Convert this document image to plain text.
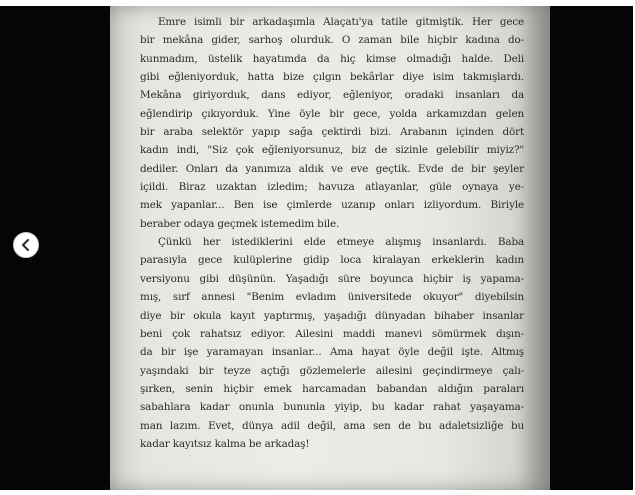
Emre isimli bir arkadaşımla Alaçatı'ya tatile gitmiştik. Her gece
bir mekâna gider, sarhoş olurduk. O zaman bile hiçbir kadına do-
kunmadım, üstelik hayatımda da hiç kimse olmadığı halde. Deli
gibi eğleniyorduk, hatta bize çılgın bekârlar diye isim takmışlardı.
Mekâna giriyorduk, dans ediyor, eğleniyor, oradaki insanları da
eğlendirip çıkıyorduk. Yine öyle bir gece, yolda arkamızdan gelen
bir araba selektör yapıp sağa çektirdi bizi. Arabanın içinden dört
kadın indi, "Siz çok eğleniyorsunuz, biz de sizinle gelebilir miyiz?"
dediler. Onları da yanımıza aldık ve eve geçtik. Evde de bir şeyler
içildi. Biraz uzaktan izledim; havuza atlayanlar, güle oynaya ye-
mek yapanlar... Ben ise çimlerde uzanıp onları izliyordum. Biriyle
beraber odaya geçmek istemedim bile.
Çünkü her istediklerini elde etmeye alışmış insanlardı. Baba
parasıyla gece kulüplerine gidip loca kiralayan erkeklerin kadın
versiyonu gibi düşünün. Yaşadığı süre boyunca hiçbir iş yapama-
mış, sırf annesi "Benim evladım üniversitede okuyor" diyebilsin
diye bir okula kayıt yaptırmış, yaşadığı dünyadan bihaber insanlar
beni çok rahatsız ediyor. Ailesini maddi manevi sömürmek dışın-
da bir işe yaramayan insanlar... Ama hayat öyle değil işte. Altmış
yaşındaki bir teyze açtığı gözlemelerle ailesini geçindirmeye çalı-
şırken, senin hiçbir emek harcamadan babandan aldığın paraları
sabahlara kadar onunla bununla yiyip, bu kadar rahat yaşayama-
man lazım. Evet, dünya adil değil, ama sen de bu adaletsizliğe bu
kadar kayıtsız kalma be arkadaş!
